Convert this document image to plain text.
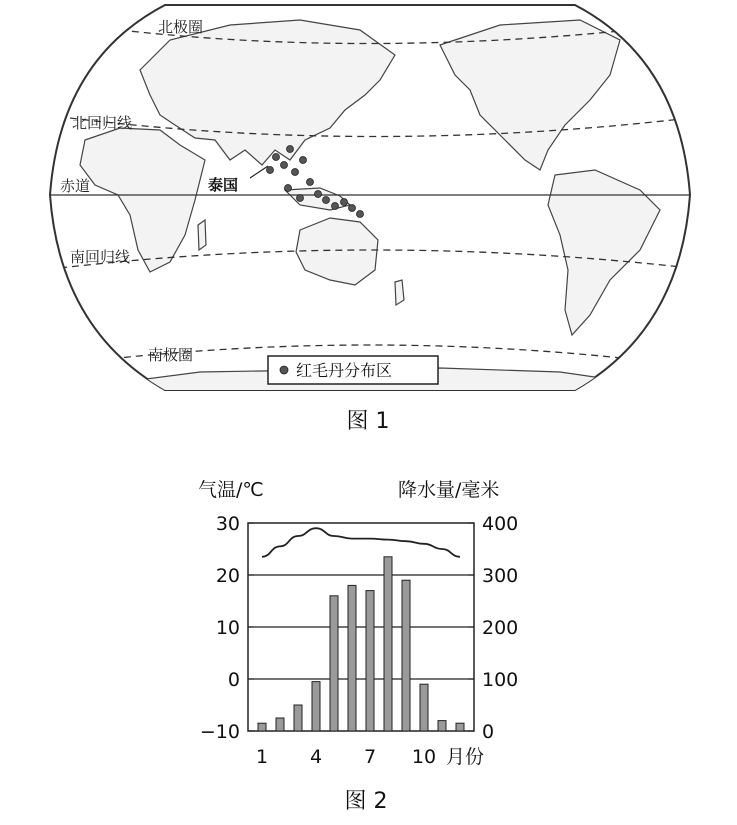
北极圈
北回归线
赤道
南回归线
南极圈
泰国
红毛丹分布区
图 1
气温/℃	降水量/毫米
−10
0
10
20
30
0
100
200
300
400
1 4 7 10 月份
图 2
